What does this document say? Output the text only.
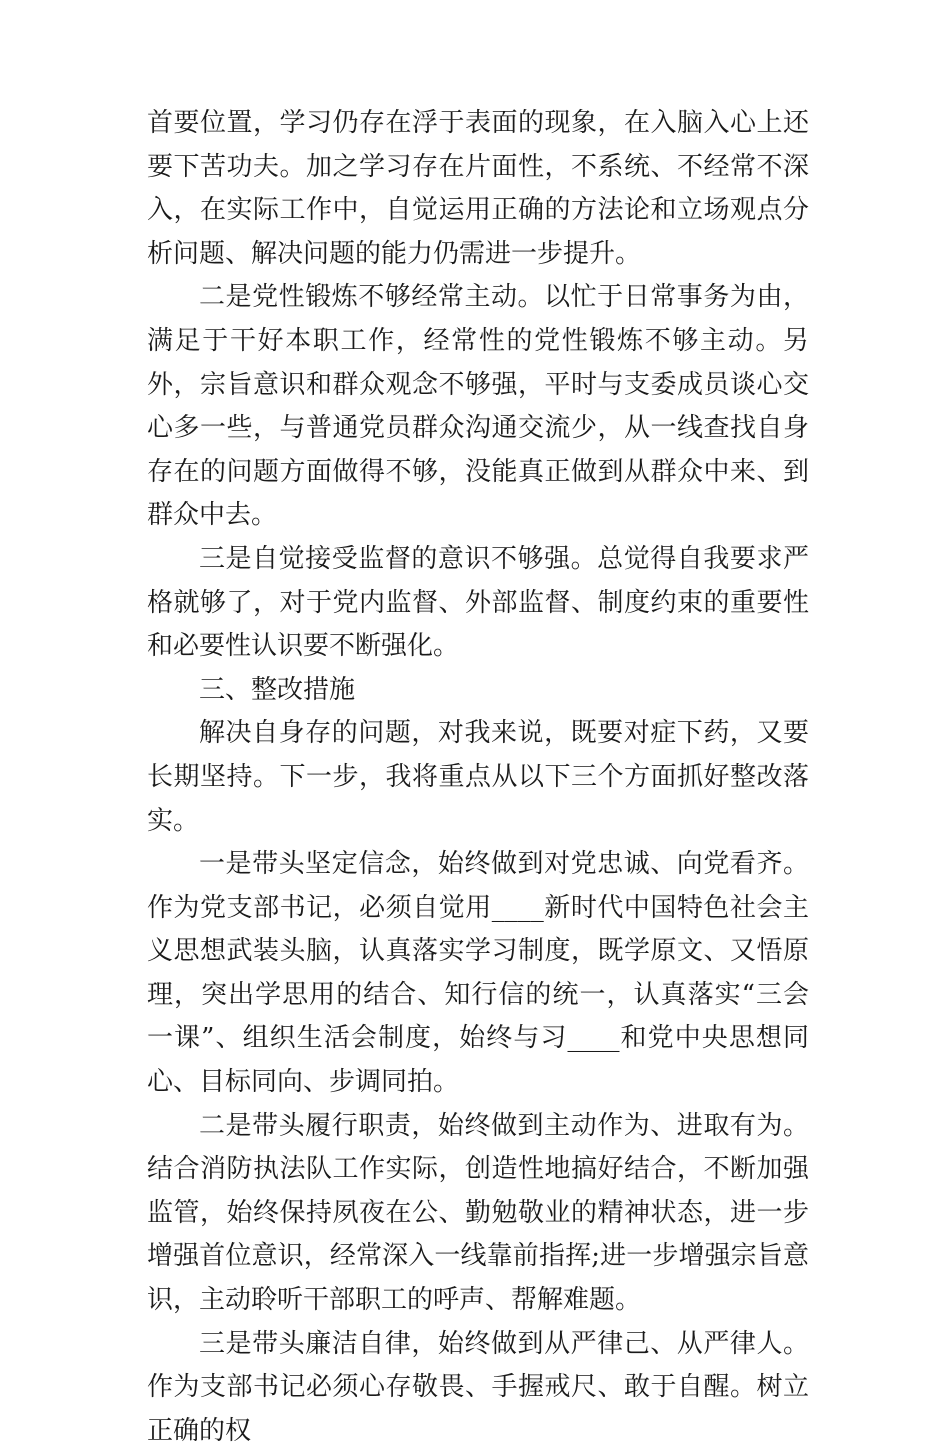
首要位置，学习仍存在浮于表面的现象，在入脑入心上还要下苦功夫。加之学习存在片面性，不系统、不经常不深入，在实际工作中，自觉运用正确的方法论和立场观点分析问题、解决问题的能力仍需进一步提升。

二是党性锻炼不够经常主动。以忙于日常事务为由，满足于干好本职工作，经常性的党性锻炼不够主动。另外，宗旨意识和群众观念不够强，平时与支委成员谈心交心多一些，与普通党员群众沟通交流少，从一线查找自身存在的问题方面做得不够，没能真正做到从群众中来、到群众中去。

三是自觉接受监督的意识不够强。总觉得自我要求严格就够了，对于党内监督、外部监督、制度约束的重要性和必要性认识要不断强化。

三、整改措施

解决自身存的问题，对我来说，既要对症下药，又要长期坚持。下一步，我将重点从以下三个方面抓好整改落实。

一是带头坚定信念，始终做到对党忠诚、向党看齐。作为党支部书记，必须自觉用____新时代中国特色社会主义思想武装头脑，认真落实学习制度，既学原文、又悟原理，突出学思用的结合、知行信的统一，认真落实“三会一课”、组织生活会制度，始终与习____和党中央思想同心、目标同向、步调同拍。

二是带头履行职责，始终做到主动作为、进取有为。结合消防执法队工作实际，创造性地搞好结合，不断加强监管，始终保持夙夜在公、勤勉敬业的精神状态，进一步增强首位意识，经常深入一线靠前指挥;进一步增强宗旨意识，主动聆听干部职工的呼声、帮解难题。

三是带头廉洁自律，始终做到从严律己、从严律人。作为支部书记必须心存敬畏、手握戒尺、敢于自醒。树立正确的权
